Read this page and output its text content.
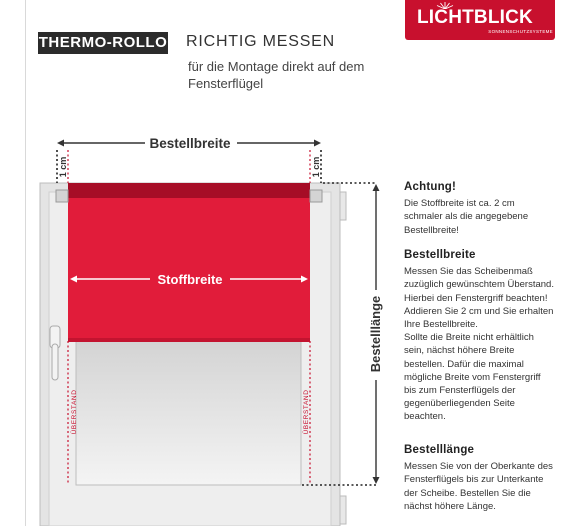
THERMO-ROLLO RICHTIG MESSEN
für die Montage direkt auf dem Fensterflügel
LICHTBLICK
SONNENSCHUTZSYSTEME
Bestellbreite
1 cm	1 cm
Stoffbreite
Bestelllänge
ÜBERSTAND	ÜBERSTAND
Achtung!

Die Stoffbreite ist ca. 2 cm schmaler als die angegebene Bestellbreite!

Bestellbreite

Messen Sie das Scheibenmaß zuzüglich gewünschtem Überstand. Hierbei den Fenstergriff beachten! Addieren Sie 2 cm und Sie erhalten Ihre Bestellbreite.

Sollte die Breite nicht erhältlich sein, nächst höhere Breite bestellen. Dafür die maximal mögliche Breite vom Fenstergriff bis zum Fensterflügels der gegenüberliegenden Seite beachten.

Bestelllänge

Messen Sie von der Oberkante des Fensterflügels bis zur Unterkante der Scheibe. Bestellen Sie die nächst höhere Länge.
